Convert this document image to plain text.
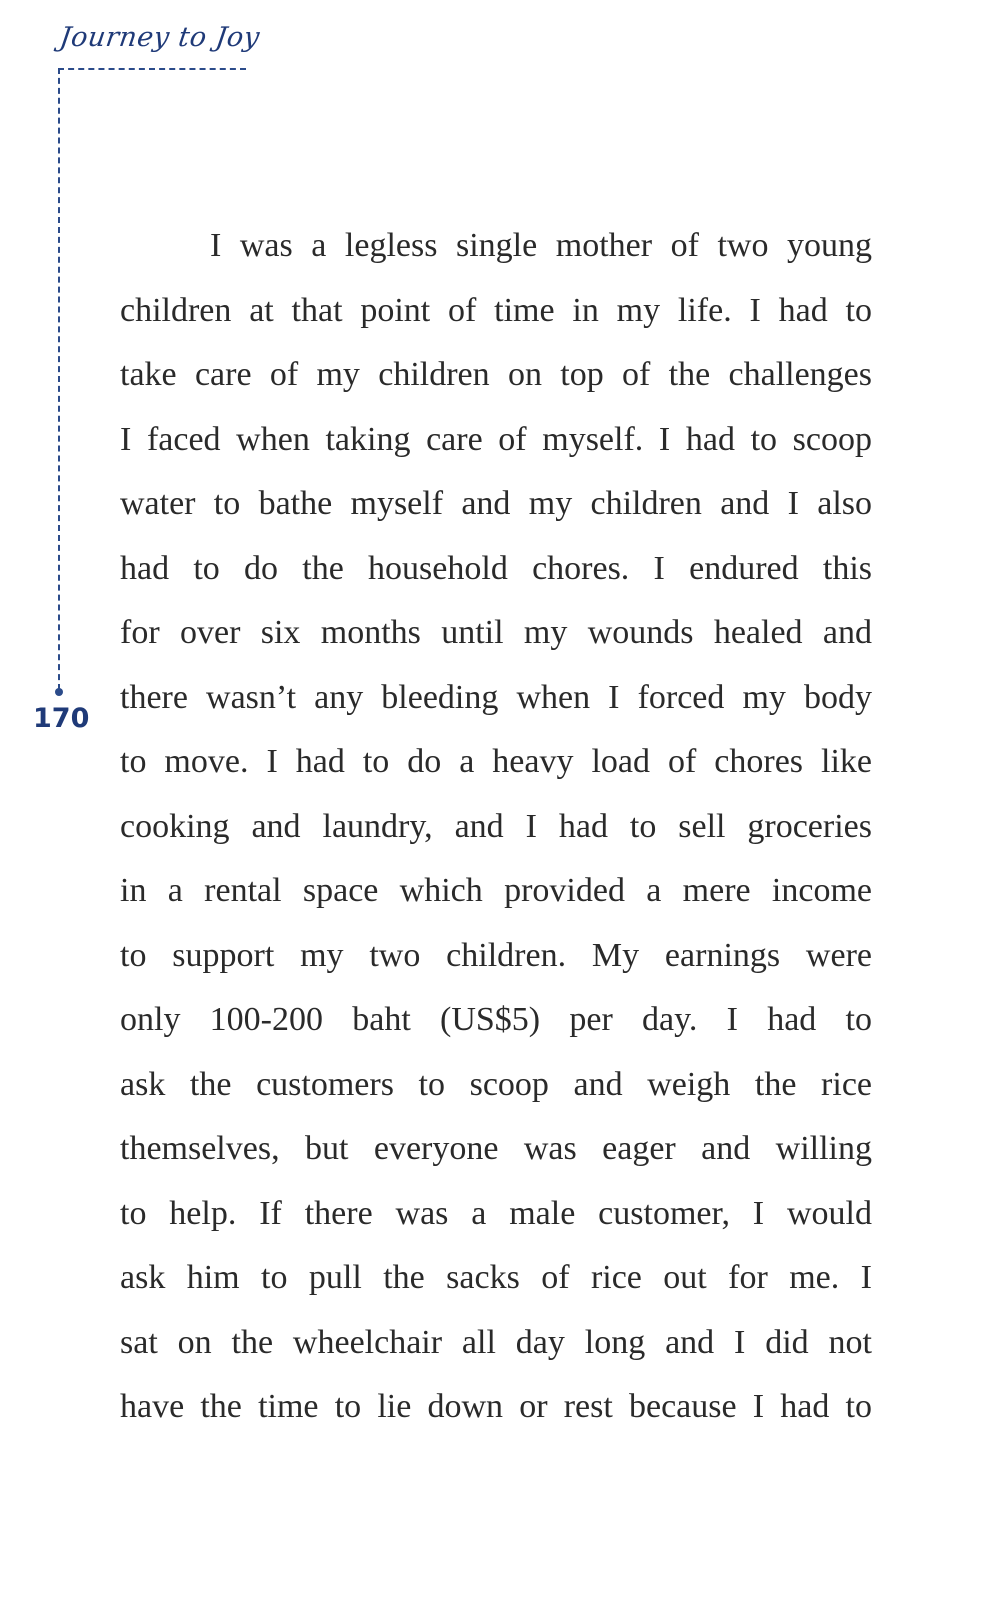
Journey to Joy
170
I was a legless single mother of two young
children at that point of time in my life. I had to
take care of my children on top of the challenges
I faced when taking care of myself. I had to scoop
water to bathe myself and my children and I also
had to do the household chores. I endured this
for over six months until my wounds healed and
there wasn’t any bleeding when I forced my body
to move. I had to do a heavy load of chores like
cooking and laundry, and I had to sell groceries
in a rental space which provided a mere income
to support my two children. My earnings were
only 100-200 baht (US$5) per day. I had to
ask the customers to scoop and weigh the rice
themselves, but everyone was eager and willing
to help. If there was a male customer, I would
ask him to pull the sacks of rice out for me. I
sat on the wheelchair all day long and I did not
have the time to lie down or rest because I had to
